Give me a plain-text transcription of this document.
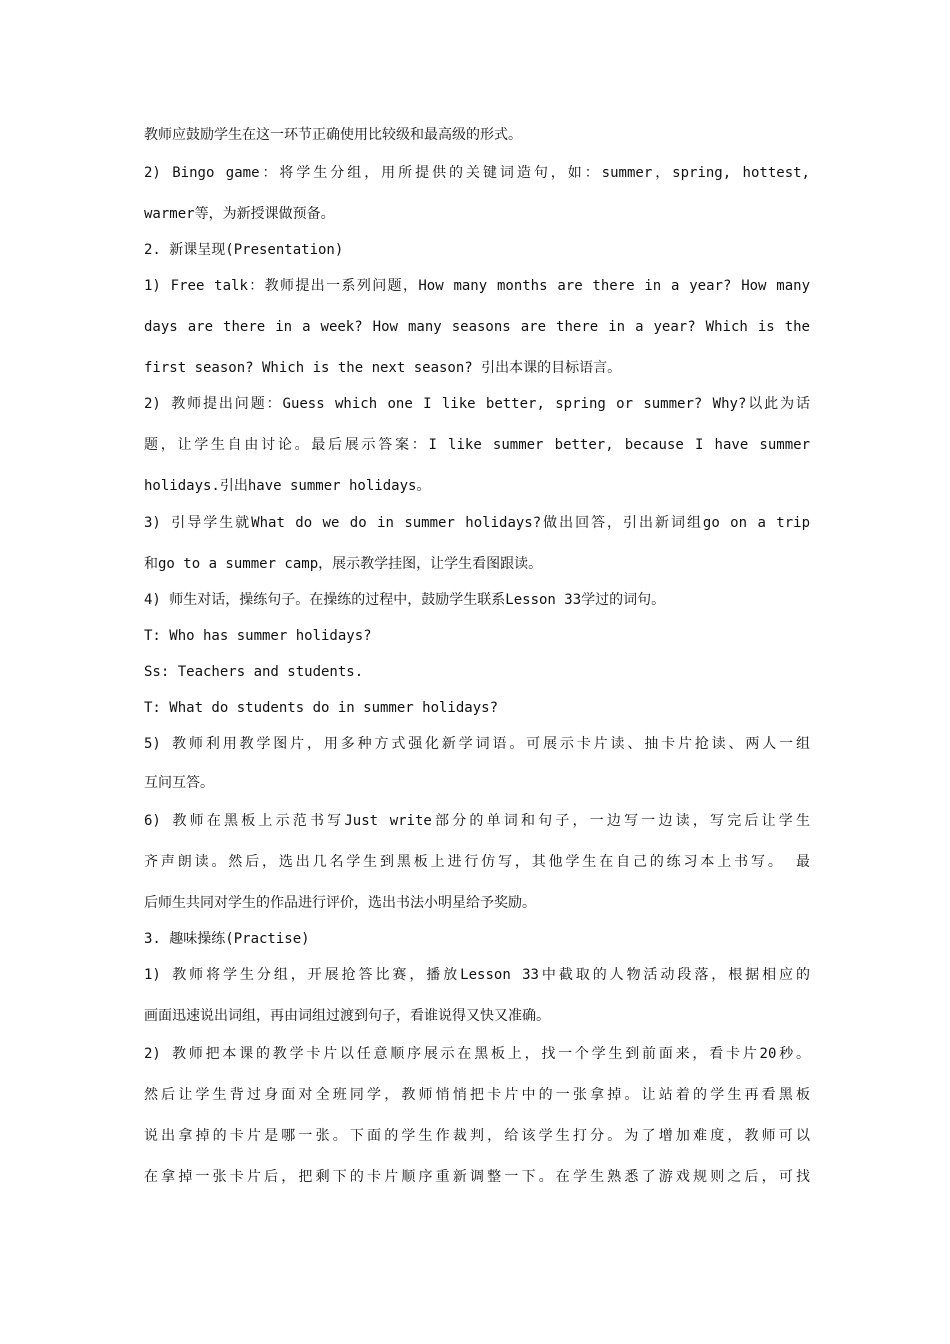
教师应鼓励学生在这一环节正确使用比较级和最高级的形式。
2) Bingo game：将学生分组，用所提供的关键词造句，如：summer，spring, hottest,
warmer等，为新授课做预备。
2. 新课呈现(Presentation)
1) Free talk：教师提出一系列问题，How many months are there in a year? How many
days are there in a week? How many seasons are there in a year? Which is the
first season? Which is the next season? 引出本课的目标语言。
2) 教师提出问题：Guess which one I like better, spring or summer? Why?以此为话
题，让学生自由讨论。最后展示答案：I like summer better, because I have summer
holidays.引出have summer holidays。
3) 引导学生就What do we do in summer holidays?做出回答，引出新词组go on a trip
和go to a summer camp，展示教学挂图，让学生看图跟读。
4) 师生对话，操练句子。在操练的过程中，鼓励学生联系Lesson 33学过的词句。
T: Who has summer holidays?
Ss: Teachers and students.
T: What do students do in summer holidays?
5) 教师利用教学图片，用多种方式强化新学词语。可展示卡片读、抽卡片抢读、两人一组
互问互答。
6) 教师在黑板上示范书写Just write部分的单词和句子，一边写一边读，写完后让学生
齐声朗读。然后，选出几名学生到黑板上进行仿写，其他学生在自己的练习本上书写。 最
后师生共同对学生的作品进行评价，选出书法小明星给予奖励。
3. 趣味操练(Practise)
1) 教师将学生分组，开展抢答比赛，播放Lesson 33中截取的人物活动段落，根据相应的
画面迅速说出词组，再由词组过渡到句子，看谁说得又快又准确。
2) 教师把本课的教学卡片以任意顺序展示在黑板上，找一个学生到前面来，看卡片20秒。
然后让学生背过身面对全班同学，教师悄悄把卡片中的一张拿掉。让站着的学生再看黑板
说出拿掉的卡片是哪一张。下面的学生作裁判，给该学生打分。为了增加难度，教师可以
在拿掉一张卡片后，把剩下的卡片顺序重新调整一下。在学生熟悉了游戏规则之后，可找
